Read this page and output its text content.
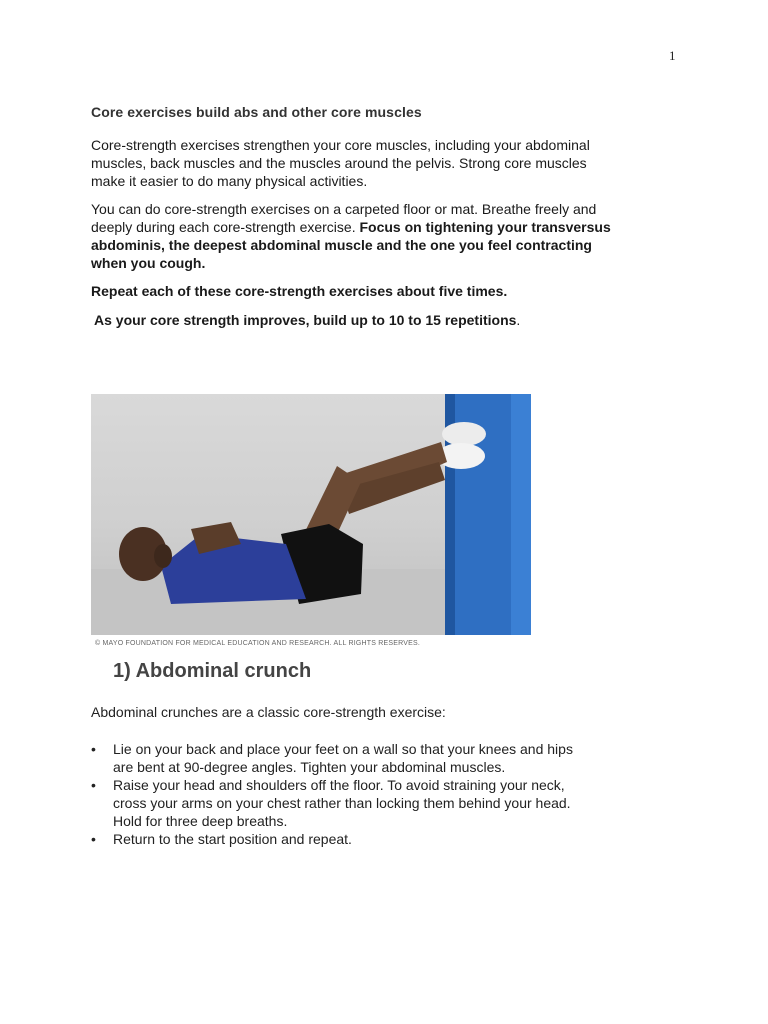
1
Core exercises build abs and other core muscles

Core-strength exercises strengthen your core muscles, including your abdominal muscles, back muscles and the muscles around the pelvis. Strong core muscles make it easier to do many physical activities.

You can do core-strength exercises on a carpeted floor or mat. Breathe freely and deeply during each core-strength exercise. Focus on tightening your transversus abdominis, the deepest abdominal muscle and the one you feel contracting when you cough.

Repeat each of these core-strength exercises about five times.

As your core strength improves, build up to 10 to 15 repetitions.

© MAYO FOUNDATION FOR MEDICAL EDUCATION AND RESEARCH. ALL RIGHTS RESERVES.
1) Abdominal crunch
Abdominal crunches are a classic core-strength exercise:
• Lie on your back and place your feet on a wall so that your knees and hips are bent at 90-degree angles. Tighten your abdominal muscles.
• Raise your head and shoulders off the floor. To avoid straining your neck, cross your arms on your chest rather than locking them behind your head. Hold for three deep breaths.
• Return to the start position and repeat.
